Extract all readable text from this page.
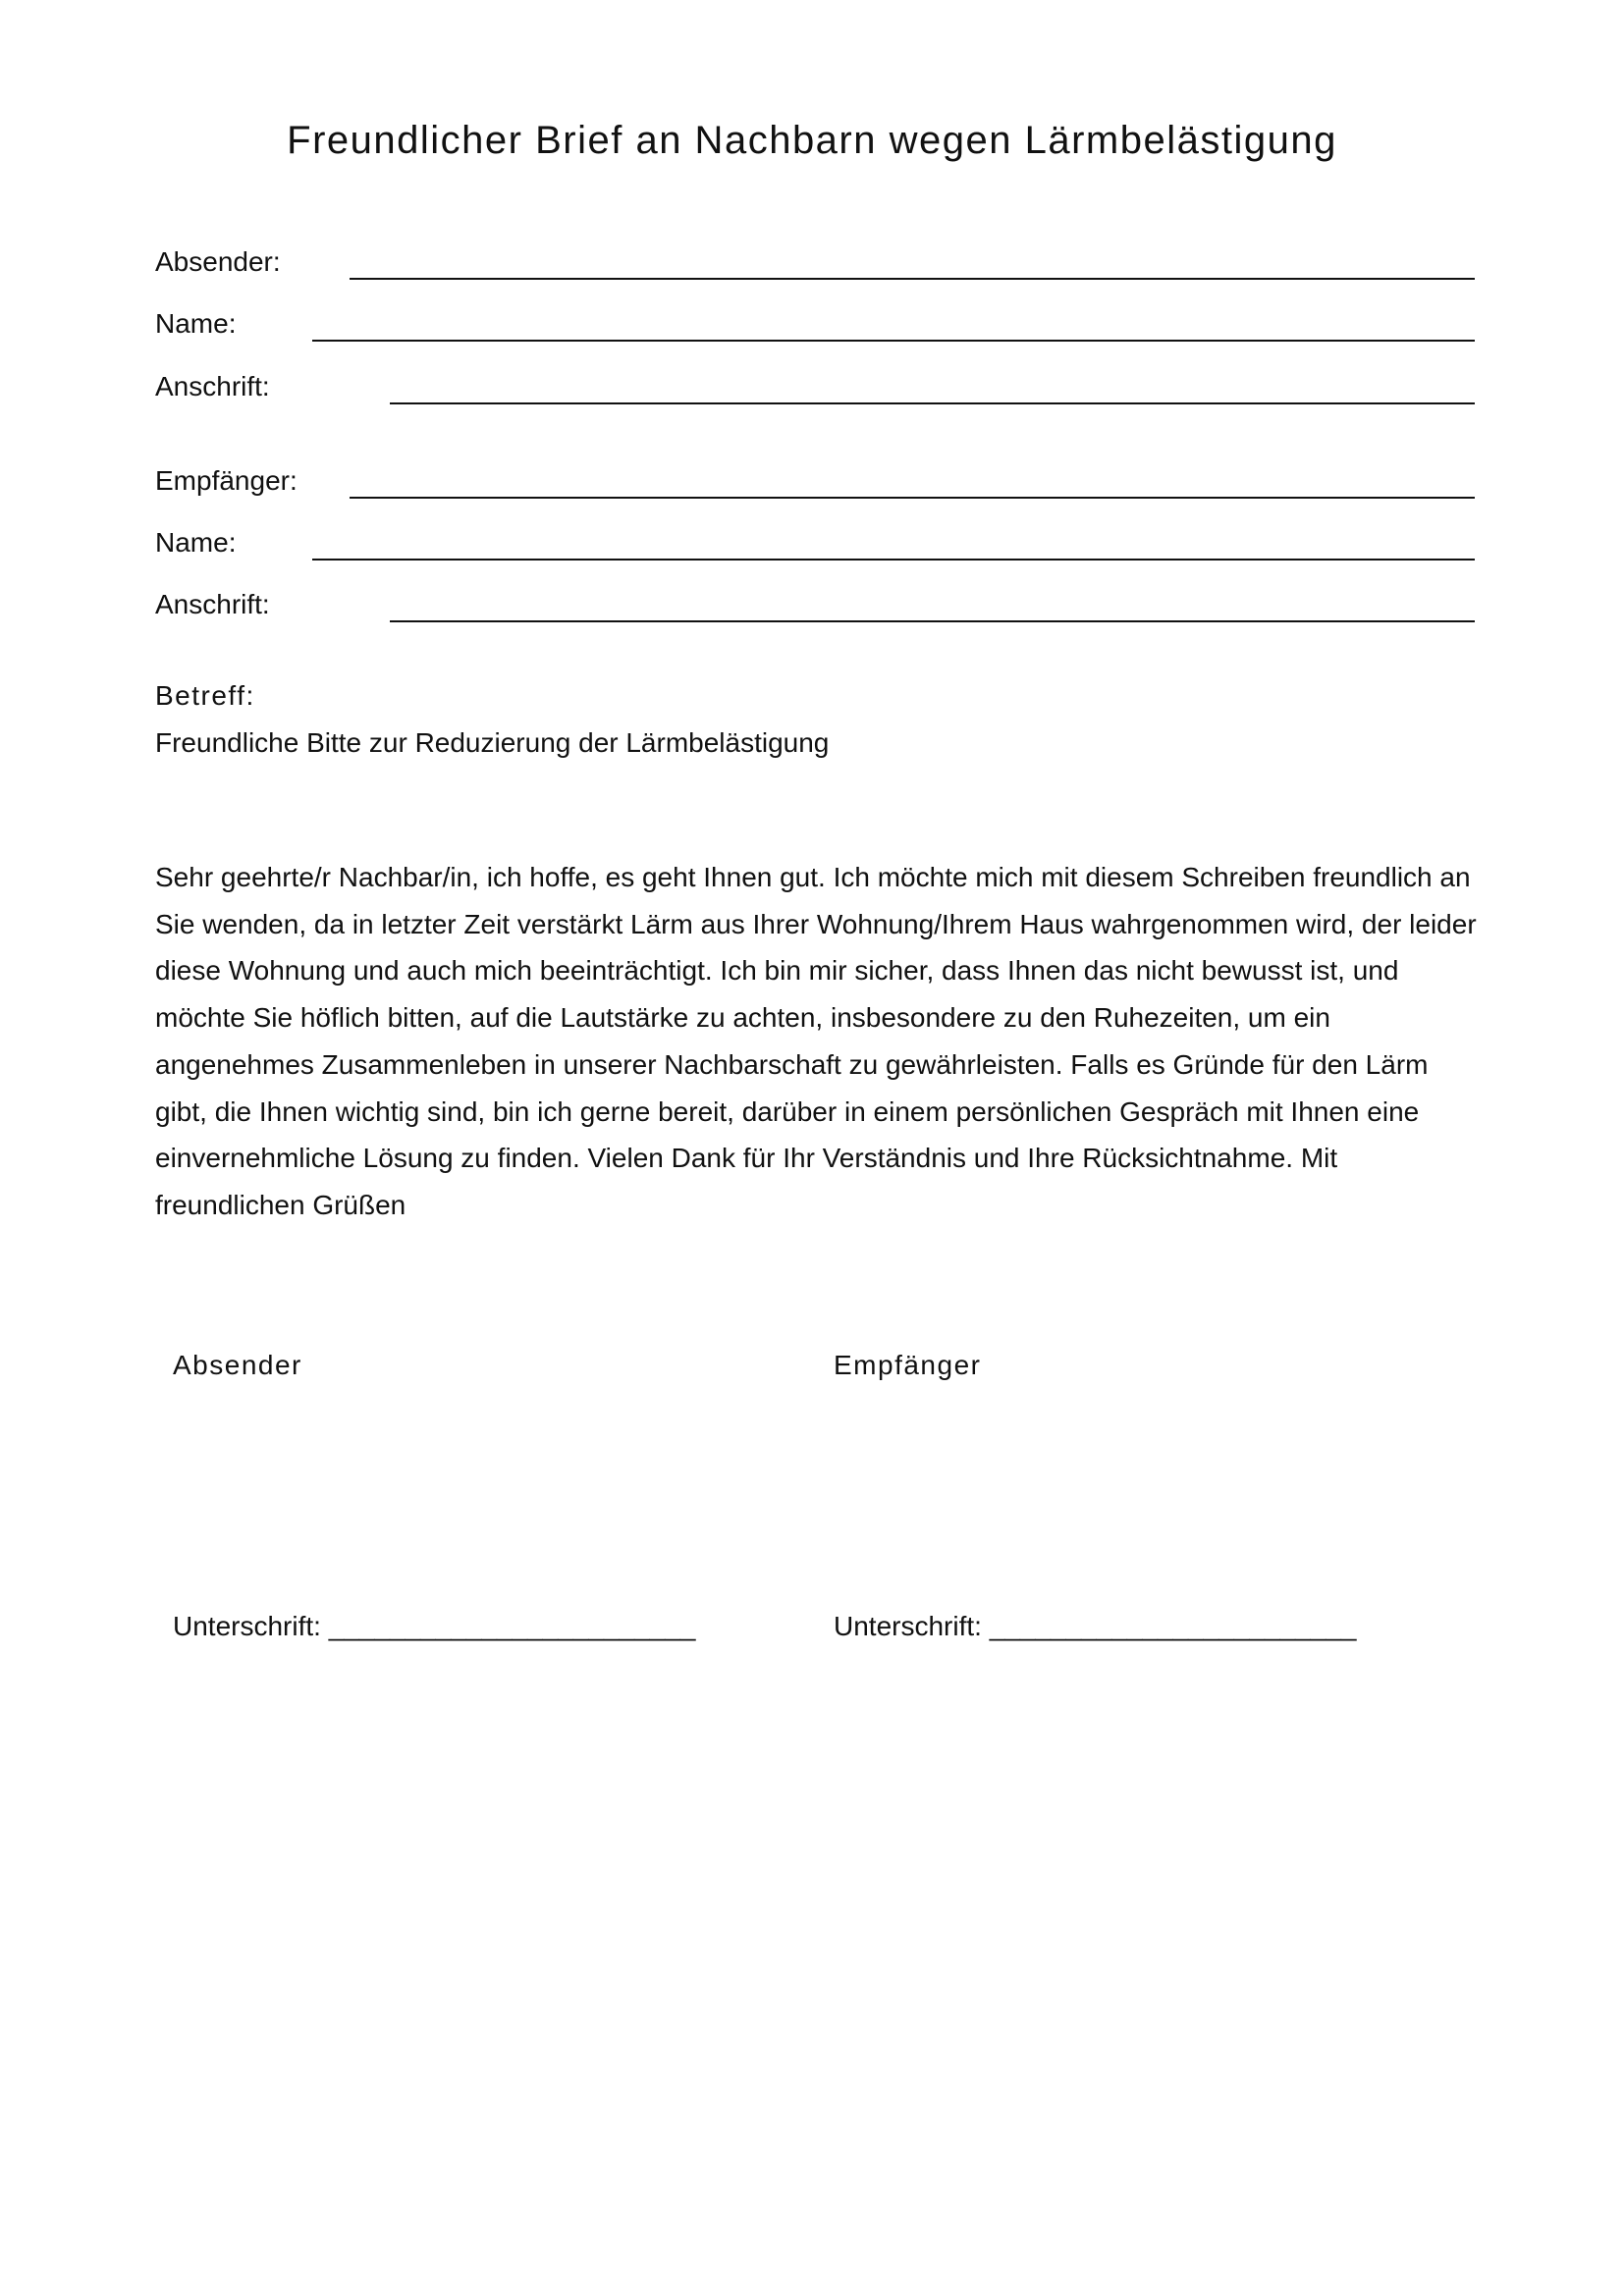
Freundlicher Brief an Nachbarn wegen Lärmbelästigung
Absender:
Name:
Anschrift:
Empfänger:
Name:
Anschrift:
Betreff:
Freundliche Bitte zur Reduzierung der Lärmbelästigung

Sehr geehrte/r Nachbar/in, ich hoffe, es geht Ihnen gut. Ich möchte mich mit diesem Schreiben freundlich an Sie wenden, da in letzter Zeit verstärkt Lärm aus Ihrer Wohnung/Ihrem Haus wahrgenommen wird, der leider diese Wohnung und auch mich beeinträchtigt. Ich bin mir sicher, dass Ihnen das nicht bewusst ist, und möchte Sie höflich bitten, auf die Lautstärke zu achten, insbesondere zu den Ruhezeiten, um ein angenehmes Zusammenleben in unserer Nachbarschaft zu gewährleisten. Falls es Gründe für den Lärm gibt, die Ihnen wichtig sind, bin ich gerne bereit, darüber in einem persönlichen Gespräch mit Ihnen eine einvernehmliche Lösung zu finden. Vielen Dank für Ihr Verständnis und Ihre Rücksichtnahme. Mit freundlichen Grüßen

Absender	Empfänger
Unterschrift: ________________________	Unterschrift: ________________________
